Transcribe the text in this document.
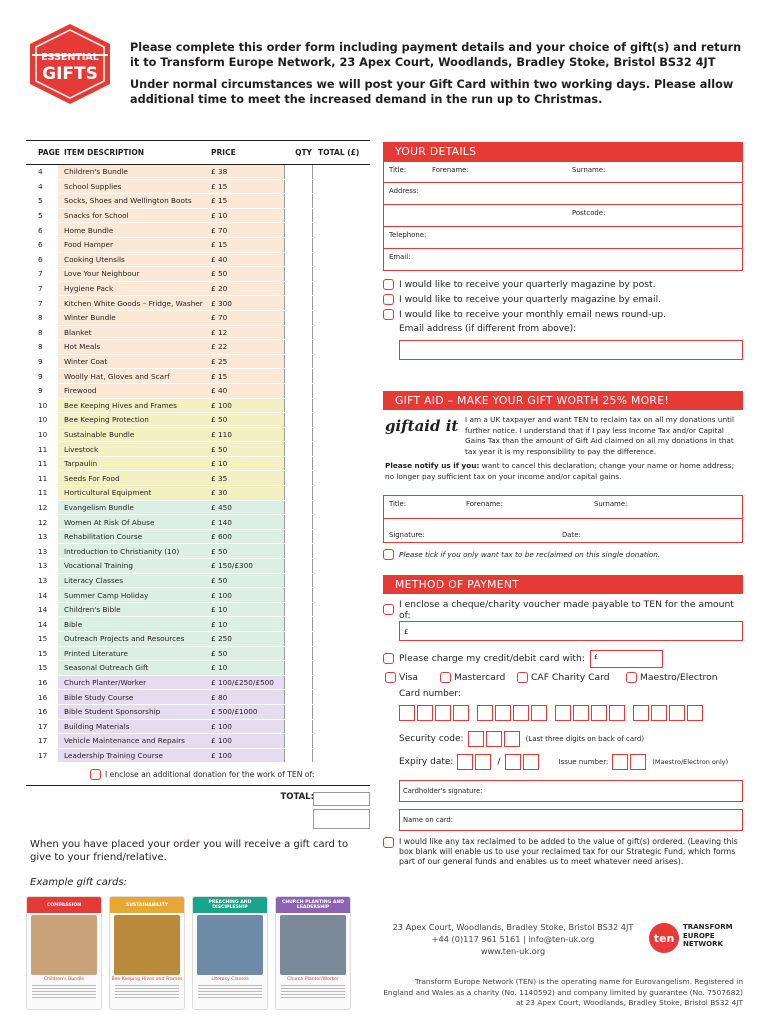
ESSENTIAL
GIFTS

Please complete this order form including payment details and your choice of gift(s) and return it to Transform Europe Network, 23 Apex Court, Woodlands, Bradley Stoke, Bristol BS32 4JT

Under normal circumstances we will post your Gift Card within two working days. Please allow additional time to meet the increased demand in the run up to Christmas.

PAGE ITEM DESCRIPTION	PRICE	QTY TOTAL (£)
4	Children's Bundle	£ 38
4	School Supplies	£ 15
5	Socks, Shoes and Wellington Boots	£ 15
5	Snacks for School	£ 10
6	Home Bundle	£ 70
6	Food Hamper	£ 15
6	Cooking Utensils	£ 40
7	Love Your Neighbour	£ 50
7	Hygiene Pack	£ 20
7	Kitchen White Goods – Fridge, Washer	£ 300
8	Winter Bundle	£ 70
8	Blanket	£ 12
8	Hot Meals	£ 22
9	Winter Coat	£ 25
9	Woolly Hat, Gloves and Scarf	£ 15
9	Firewood	£ 40
10	Bee Keeping Hives and Frames	£ 100
10	Bee Keeping Protection	£ 50
10	Sustainable Bundle	£ 110
11	Livestock	£ 50
11	Tarpaulin	£ 10
11	Seeds For Food	£ 35
11	Horticultural Equipment	£ 30
12	Evangelism Bundle	£ 450
12	Women At Risk Of Abuse	£ 140
13	Rehabilitation Course	£ 600
13	Introduction to Christianity (10)	£ 50
13	Vocational Training	£ 150/£300
13	Literacy Classes	£ 50
14	Summer Camp Holiday	£ 100
14	Children's Bible	£ 10
14	Bible	£ 10
15	Outreach Projects and Resources	£ 250
15	Printed Literature	£ 50
15	Seasonal Outreach Gift	£ 10
16	Church Planter/Worker	£ 100/£250/£500
16	Bible Study Course	£ 80
16	Bible Student Sponsorship	£ 500/£1000
17	Building Materials	£ 100
17	Vehicle Maintenance and Repairs	£ 100
17	Leadership Training Course	£ 100
I enclose an additional donation for the work of TEN of:
TOTAL:
YOUR DETAILS
Title:	Forename:	Surname:
Address:
Postcode:
Telephone:
Email:
I would like to receive your quarterly magazine by post.
I would like to receive your quarterly magazine by email.
I would like to receive your monthly email news round-up.
Email address (if different from above):
GIFT AID – MAKE YOUR GIFT WORTH 25% MORE!
giftaid it I am a UK taxpayer and want TEN to reclaim tax on all my donations until further notice. I understand that if I pay less Income Tax and/or Capital Gains Tax than the amount of Gift Aid claimed on all my donations in that tax year it is my responsibility to pay the difference.
Please notify us if you: want to cancel this declaration; change your name or home address; no longer pay sufficient tax on your income and/or capital gains.
Title:	Forename:	Surname:
Signature:	Date:
Please tick if you only want tax to be reclaimed on this single donation.
METHOD OF PAYMENT
I enclose a cheque/charity voucher made payable to TEN for the amount of:
£
Please charge my credit/debit card with:	£
Visa	Mastercard	CAF Charity Card	Maestro/Electron
Card number:
Security code:	(Last three digits on back of card)
Expiry date:	/	Issue number:	(Maestro/Electron only)
Cardholder's signature:
Name on card:
I would like any tax reclaimed to be added to the value of gift(s) ordered. (Leaving this box blank will enable us to use your reclaimed tax for our Strategic Fund, which forms part of our general funds and enables us to meet whatever need arises).
When you have placed your order you will receive a gift card to give to your friend/relative.
Example gift cards:
COMPASSION
Children's Bundle
SUSTAINABILITY
Bee Keeping Hives and Frames
PREACHING AND DISCIPLESHIP
Literacy Classes
CHURCH PLANTING AND LEADERSHIP
Church Planter/Worker
23 Apex Court, Woodlands, Bradley Stoke, Bristol BS32 4JT
+44 (0)117 961 5161 | info@ten-uk.org
www.ten-uk.org
ten
TRANSFORM EUROPE NETWORK
Transform Europe Network (TEN) is the operating name for Eurovangelism. Registered in England and Wales as a charity (No. 1140592) and company limited by guarantee (No. 7507682) at 23 Apex Court, Woodlands, Bradley Stoke, Bristol BS32 4JT
